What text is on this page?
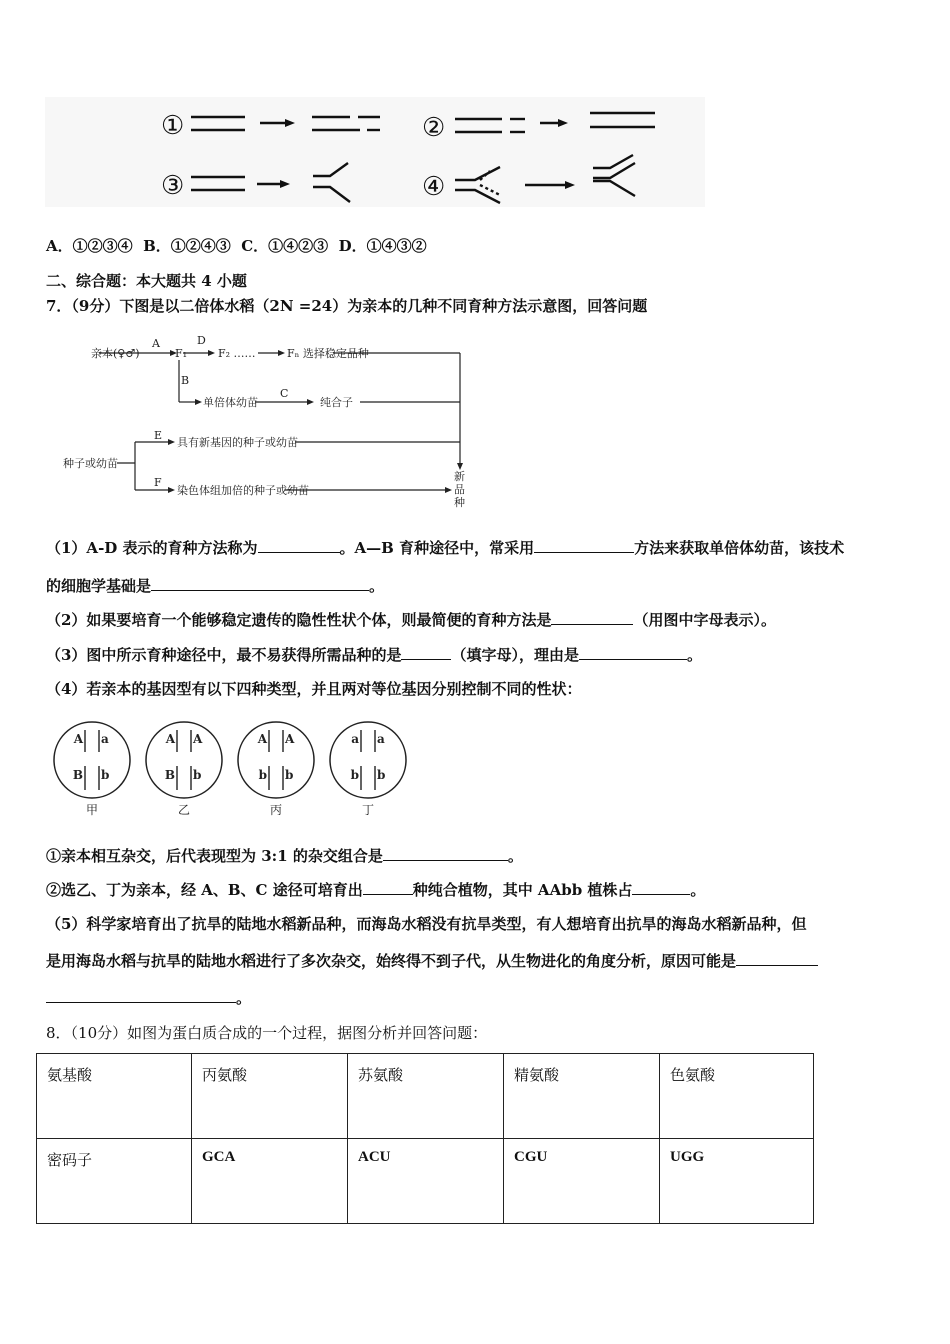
①	②
③	④
A．①②③④ B．①②④③ C．①④②③ D．①④③②
二、综合题：本大题共 4 小题
7．（9分）下图是以二倍体水稻（2N =24）为亲本的几种不同育种方法示意图，回答问题
亲本(♀♂)
A
F₁
D
F₂ ……	Fₙ 选择稳定品种
B
单倍体幼苗
C
纯合子
E
具有新基因的种子或幼苗
种子或幼苗
F
染色体组加倍的种子或幼苗
新
品
种
（1）A-D 表示的育种方法称为	。A—B 育种途径中，常采用	方法来获取单倍体幼苗，该技术
的细胞学基础是	。
（2）如果要培育一个能够稳定遗传的隐性性状个体，则最简便的育种方法是	（用图中字母表示）。
（3）图中所示育种途径中，最不易获得所需品种的是	（填字母），理由是	。
（4）若亲本的基因型有以下四种类型，并且两对等位基因分别控制不同的性状：
A a
B b
甲
A A
B b
乙
A A
b b
丙
a a
b b
丁
①亲本相互杂交，后代表现型为 3:1 的杂交组合是	。
②选乙、丁为亲本，经 A、B、C 途径可培育出	种纯合植物，其中 AAbb 植株占	。
（5）科学家培育出了抗旱的陆地水稻新品种，而海岛水稻没有抗旱类型，有人想培育出抗旱的海岛水稻新品种，但
是用海岛水稻与抗旱的陆地水稻进行了多次杂交，始终得不到子代，从生物进化的角度分析，原因可能是
。
8．（10分）如图为蛋白质合成的一个过程，据图分析并回答问题：
氨基酸	丙氨酸	苏氨酸	精氨酸	色氨酸
密码子	GCA	ACU	CGU	UGG
